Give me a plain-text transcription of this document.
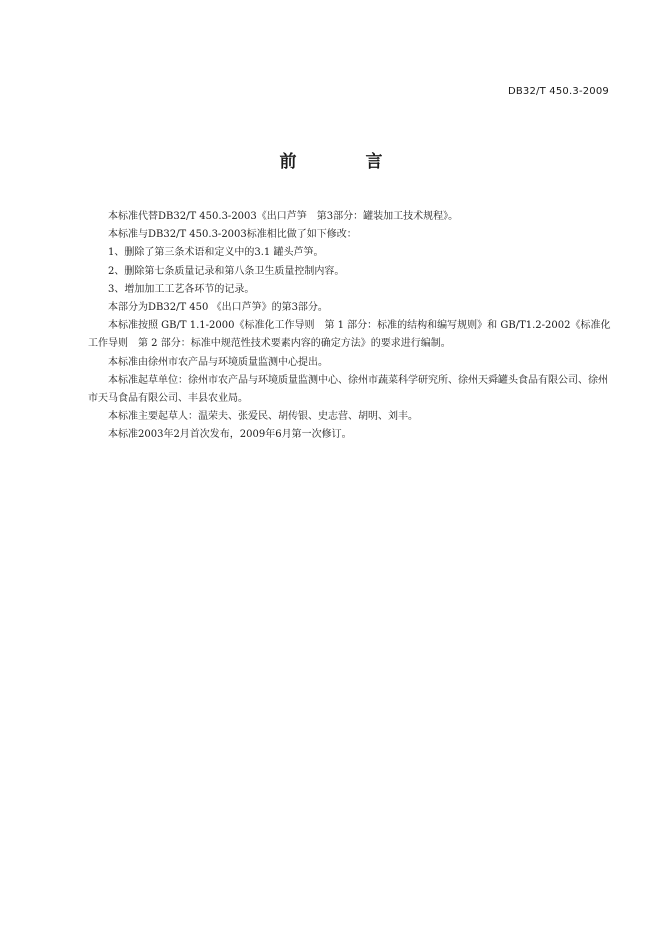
DB32/T 450.3-2009
前　言

本标准代替DB32/T 450.3-2003《出口芦笋　第3部分：罐装加工技术规程》。

本标准与DB32/T 450.3-2003标准相比做了如下修改：

1、删除了第三条术语和定义中的3.1 罐头芦笋。

2、删除第七条质量记录和第八条卫生质量控制内容。

3、增加加工工艺各环节的记录。

本部分为DB32/T 450 《出口芦笋》的第3部分。

本标准按照 GB/T 1.1-2000《标准化工作导则　第 1 部分：标准的结构和编写规则》和 GB/T1.2-2002《标准化工作导则　第 2 部分：标准中规范性技术要素内容的确定方法》的要求进行编制。

本标准由徐州市农产品与环境质量监测中心提出。

本标准起草单位：徐州市农产品与环境质量监测中心、徐州市蔬菜科学研究所、徐州天舜罐头食品有限公司、徐州市天马食品有限公司、丰县农业局。

本标准主要起草人：温荣夫、张爱民、胡传银、史志营、胡明、刘丰。

本标准2003年2月首次发布，2009年6月第一次修订。
